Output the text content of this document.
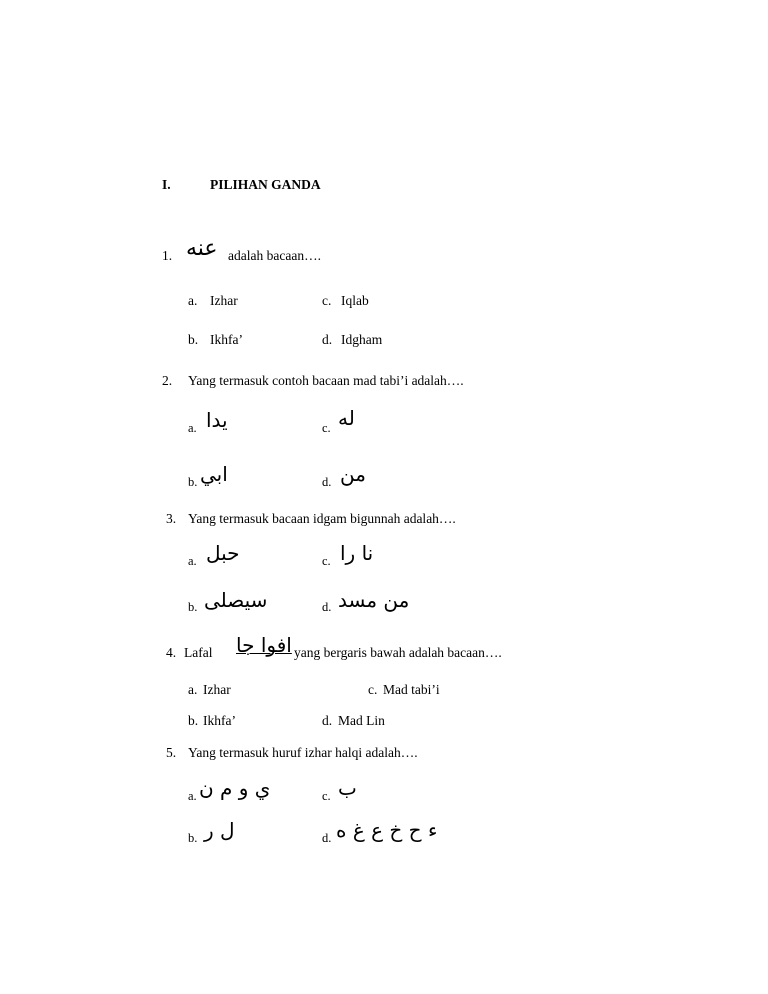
I.	PILIHAN GANDA
1. عنه adalah bacaan….
a. Izhar	c. Iqlab
b. Ikhfa’	d. Idgham
2. Yang termasuk contoh bacaan mad tabi’i adalah….
a. يدا	c. له
b. ابي	d. من
3. Yang termasuk bacaan idgam bigunnah adalah….
a. حبل	c. نا را
b. سيصلى	d. من مسد
4. Lafal افوا جا yang bergaris bawah adalah bacaan….
a. Izhar	c. Mad tabi’i
b. Ikhfa’	d. Mad Lin
5. Yang termasuk huruf izhar halqi adalah….
a. ي و م ن	c. ب
b. ل ر	d. ء ح خ ع غ ه
